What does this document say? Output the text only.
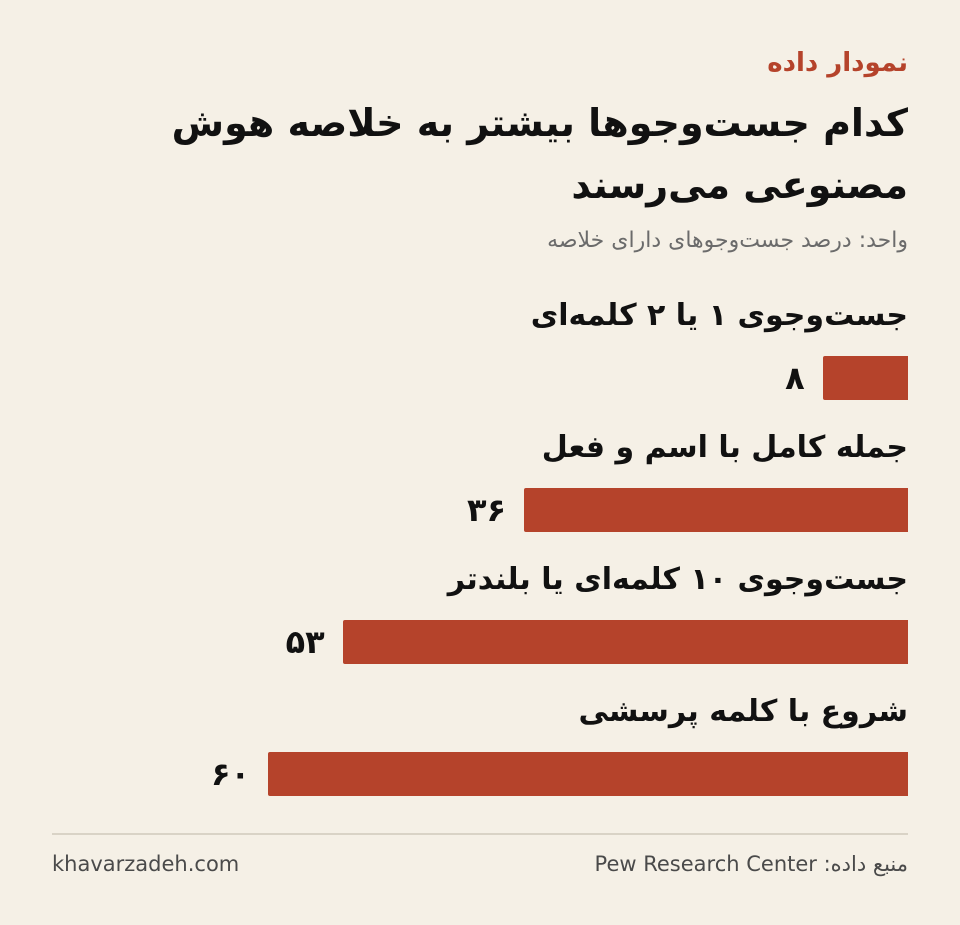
نمودار داده
کدام جست‌وجوها بیشتر به خلاصه هوش مصنوعی می‌رسند
واحد: درصد جست‌وجوهای دارای خلاصه
جست‌وجوی ۱ یا ۲ کلمه‌ای
۸
جمله کامل با اسم و فعل
۳۶
جست‌وجوی ۱۰ کلمه‌ای یا بلندتر
۵۳
شروع با کلمه پرسشی
۶۰
منبع داده: Pew Research Center
khavarzadeh.com
